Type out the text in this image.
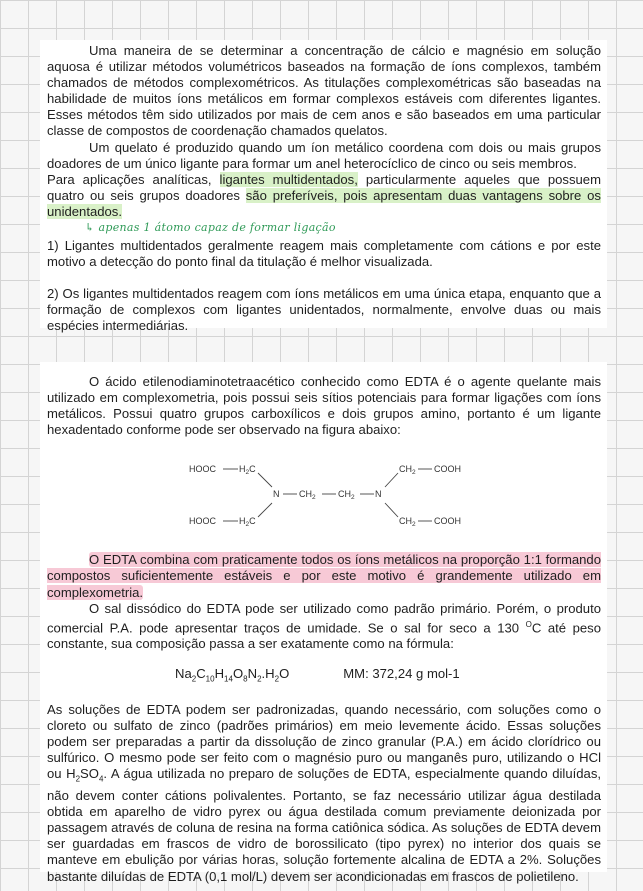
Uma maneira de se determinar a concentração de cálcio e magnésio em solução aquosa é utilizar métodos volumétricos baseados na formação de íons complexos, também chamados de métodos complexométricos. As titulações complexométricas são baseadas na habilidade de muitos íons metálicos em formar complexos estáveis com diferentes ligantes. Esses métodos têm sido utilizados por mais de cem anos e são baseados em uma particular classe de compostos de coordenação chamados quelatos.

Um quelato é produzido quando um íon metálico coordena com dois ou mais grupos doadores de um único ligante para formar um anel heterocíclico de cinco ou seis membros.

Para aplicações analíticas, ligantes multidentados, particularmente aqueles que possuem quatro ou seis grupos doadores são preferíveis, pois apresentam duas vantagens sobre os unidentados.

↳ apenas 1 átomo capaz de formar ligação

1) Ligantes multidentados geralmente reagem mais completamente com cátions e por este motivo a detecção do ponto final da titulação é melhor visualizada.

2) Os ligantes multidentados reagem com íons metálicos em uma única etapa, enquanto que a formação de complexos com ligantes unidentados, normalmente, envolve duas ou mais espécies intermediárias.

O ácido etilenodiaminotetraacético conhecido como EDTA é o agente quelante mais utilizado em complexometria, pois possui seis sítios potenciais para formar ligações com íons metálicos. Possui quatro grupos carboxílicos e dois grupos amino, portanto é um ligante hexadentado conforme pode ser observado na figura abaixo:

HOOC	$H_2C$
HOOC	$H_2C$
N $CH_2$ $CH_2$ N
$CH_2$ COOH
$CH_2$ COOH

O EDTA combina com praticamente todos os íons metálicos na proporção 1:1 formando compostos suficientemente estáveis e por este motivo é grandemente utilizado em complexometria.

O sal dissódico do EDTA pode ser utilizado como padrão primário. Porém, o produto comercial P.A. pode apresentar traços de umidade. Se o sal for seco a 130 $^O$C até peso constante, sua composição passa a ser exatamente como na fórmula:

$Na_2C_{10}H_{14}O_8N_2.H_2O$	MM: 372,24 g mol-1

As soluções de EDTA podem ser padronizadas, quando necessário, com soluções como o cloreto ou sulfato de zinco (padrões primários) em meio levemente ácido. Essas soluções podem ser preparadas a partir da dissolução de zinco granular (P.A.) em ácido clorídrico ou sulfúrico. O mesmo pode ser feito com o magnésio puro ou manganês puro, utilizando o HCl ou $H_2SO_4$. A água utilizada no preparo de soluções de EDTA, especialmente quando diluídas, não devem conter cátions polivalentes. Portanto, se faz necessário utilizar água destilada obtida em aparelho de vidro pyrex ou água destilada comum previamente deionizada por passagem através de coluna de resina na forma catiônica sódica. As soluções de EDTA devem ser guardadas em frascos de vidro de borossilicato (tipo pyrex) no interior dos quais se manteve em ebulição por várias horas, solução fortemente alcalina de EDTA a 2%. Soluções bastante diluídas de EDTA (0,1 mol/L) devem ser acondicionadas em frascos de polietileno.
